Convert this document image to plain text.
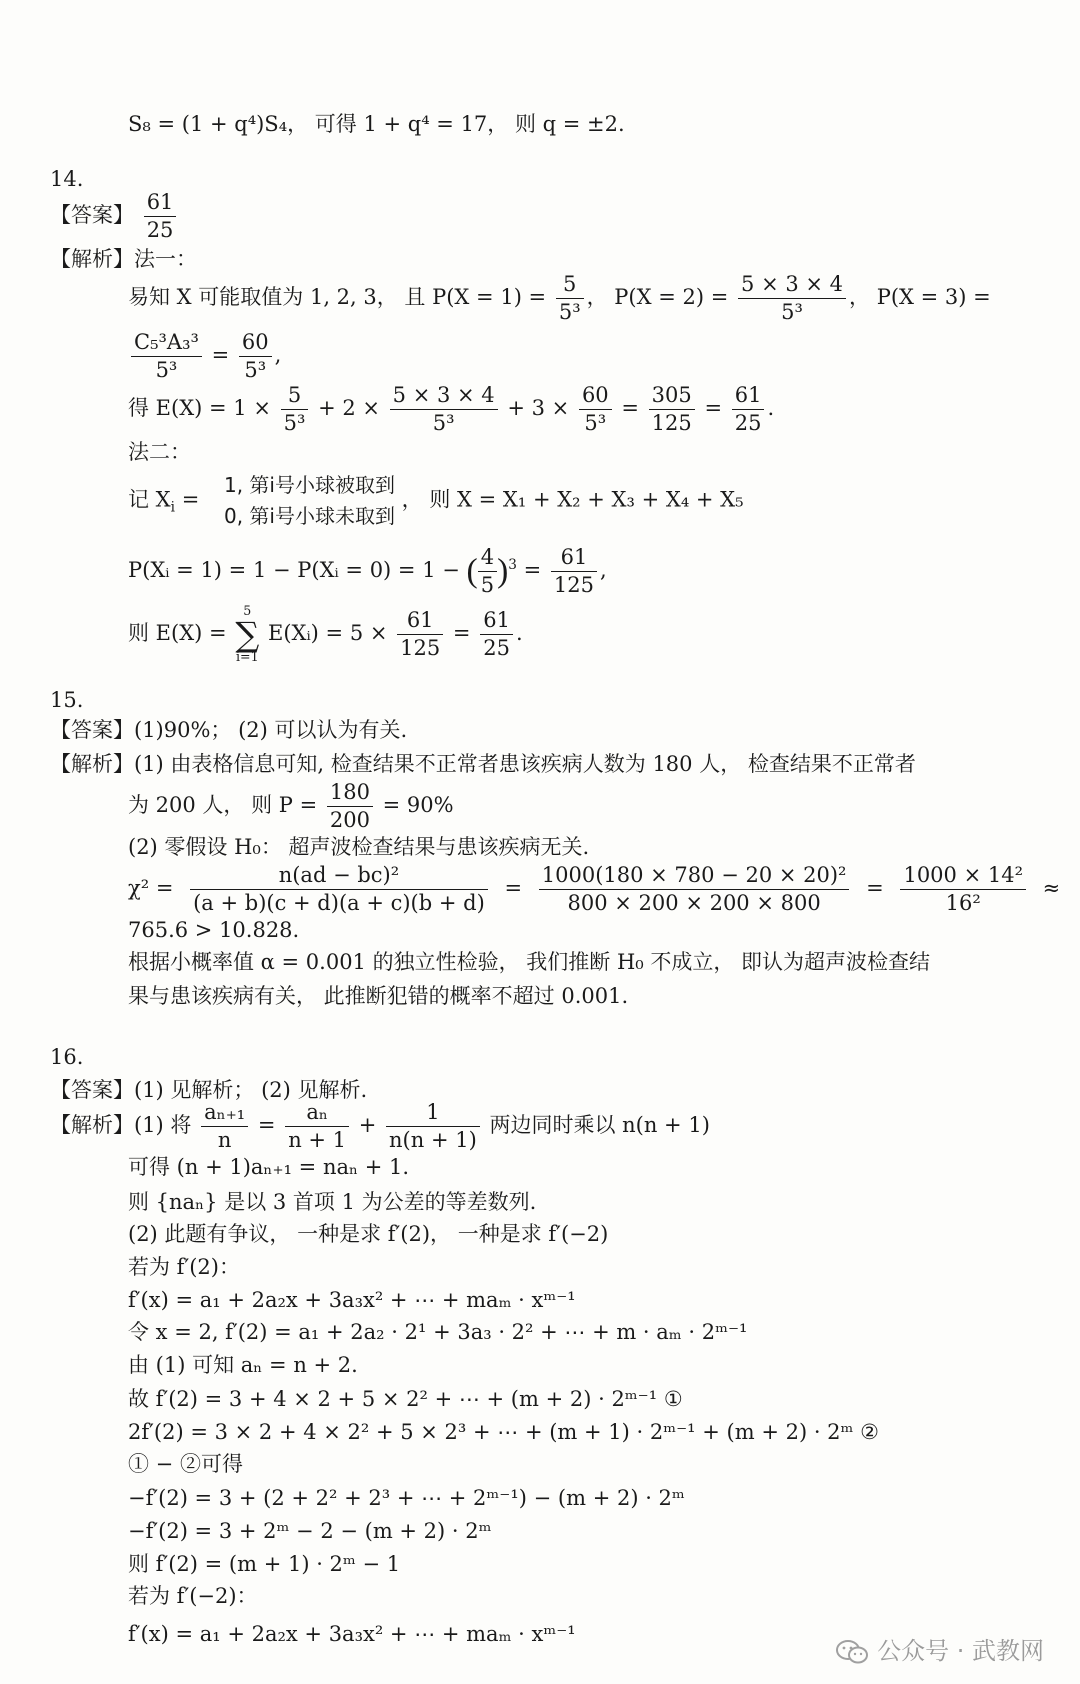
S₈ = (1 + q⁴)S₄， 可得 1 + q⁴ = 17， 则 q = ±2.
14.
【答案】 $\frac{61}{25}$
【解析】法一：
易知 X 可能取值为 1, 2, 3， 且 $P(X = 1) = \frac{5}{\text{5³}}$ ， $P(X = 2) = \frac{5 \times 3 \times 4}{\text{5³}}$ ， P(X = 3) =
$\frac{\text{C₅³A₃³}}{\text{5³}} = \frac{60}{\text{5³}}$ ,
得 $E(X) = 1 \times \frac{5}{\text{5³}} + 2 \times \frac{5 \times 3 \times 4}{\text{5³}} + 3 \times \frac{60}{\text{5³}} = \frac{305}{125} = \frac{61}{25}$ .
法二：
记 $X_i$ =
1, 第i号小球被取到
0, 第i号小球未取到
， 则 X = X₁ + X₂ + X₃ + X₄ + X₅
P(Xᵢ = 1) = 1 − P(Xᵢ = 0) = 1 − ( $\frac{4}{5} )^3 = \frac{61}{125}$ ,
则 E(X) =
5
∑
i=1
E(Xᵢ) = $5 \times \frac{61}{125} = \frac{61}{25}$ .
15.
【答案】(1)90%； (2) 可以认为有关.
【解析】(1) 由表格信息可知, 检查结果不正常者患该疾病人数为 180 人， 检查结果不正常者
为 200 人， 则 $P = \frac{180}{200} = 90\%$
(2) 零假设 H₀： 超声波检查结果与患该疾病无关.
$\chi^2 = \frac{\text{n(ad − bc)²}}{(a + b)(c + d)(a + c)(b + d)} = \frac{\text{1000(180 × 780 − 20 × 20)²}}{800 \times 200 \times 200 \times 800} = \frac{\text{1000 × 14²}}{\text{16²}}$ ≈
765.6 > 10.828.
根据小概率值 α = 0.001 的独立性检验， 我们推断 H₀ 不成立， 即认为超声波检查结
果与患该疾病有关， 此推断犯错的概率不超过 0.001.
16.
【答案】(1) 见解析； (2) 见解析.
【解析】(1) 将 $\frac{\text{aₙ₊₁}}{n} = \frac{\text{aₙ}}{n + 1} + \frac{1}{n(n + 1)}$ 两边同时乘以 n(n + 1)
可得 (n + 1)aₙ₊₁ = naₙ + 1.
则 {naₙ} 是以 3 首项 1 为公差的等差数列.
(2) 此题有争议， 一种是求 f′(2)， 一种是求 f′(−2)
若为 f′(2)：
f′(x) = a₁ + 2a₂x + 3a₃x² + ⋯ + maₘ · xᵐ⁻¹
令 x = 2, f′(2) = a₁ + 2a₂ · 2¹ + 3a₃ · 2² + ⋯ + m · aₘ · 2ᵐ⁻¹
由 (1) 可知 aₙ = n + 2.
故 f′(2) = 3 + 4 × 2 + 5 × 2² + ⋯ + (m + 2) · 2ᵐ⁻¹ ①
2f′(2) = 3 × 2 + 4 × 2² + 5 × 2³ + ⋯ + (m + 1) · 2ᵐ⁻¹ + (m + 2) · 2ᵐ ②
① − ②可得
−f′(2) = 3 + (2 + 2² + 2³ + ⋯ + 2ᵐ⁻¹) − (m + 2) · 2ᵐ
−f′(2) = 3 + 2ᵐ − 2 − (m + 2) · 2ᵐ
则 f′(2) = (m + 1) · 2ᵐ − 1
若为 f′(−2)：
f′(x) = a₁ + 2a₂x + 3a₃x² + ⋯ + maₘ · xᵐ⁻¹
公众号 · 武教网
